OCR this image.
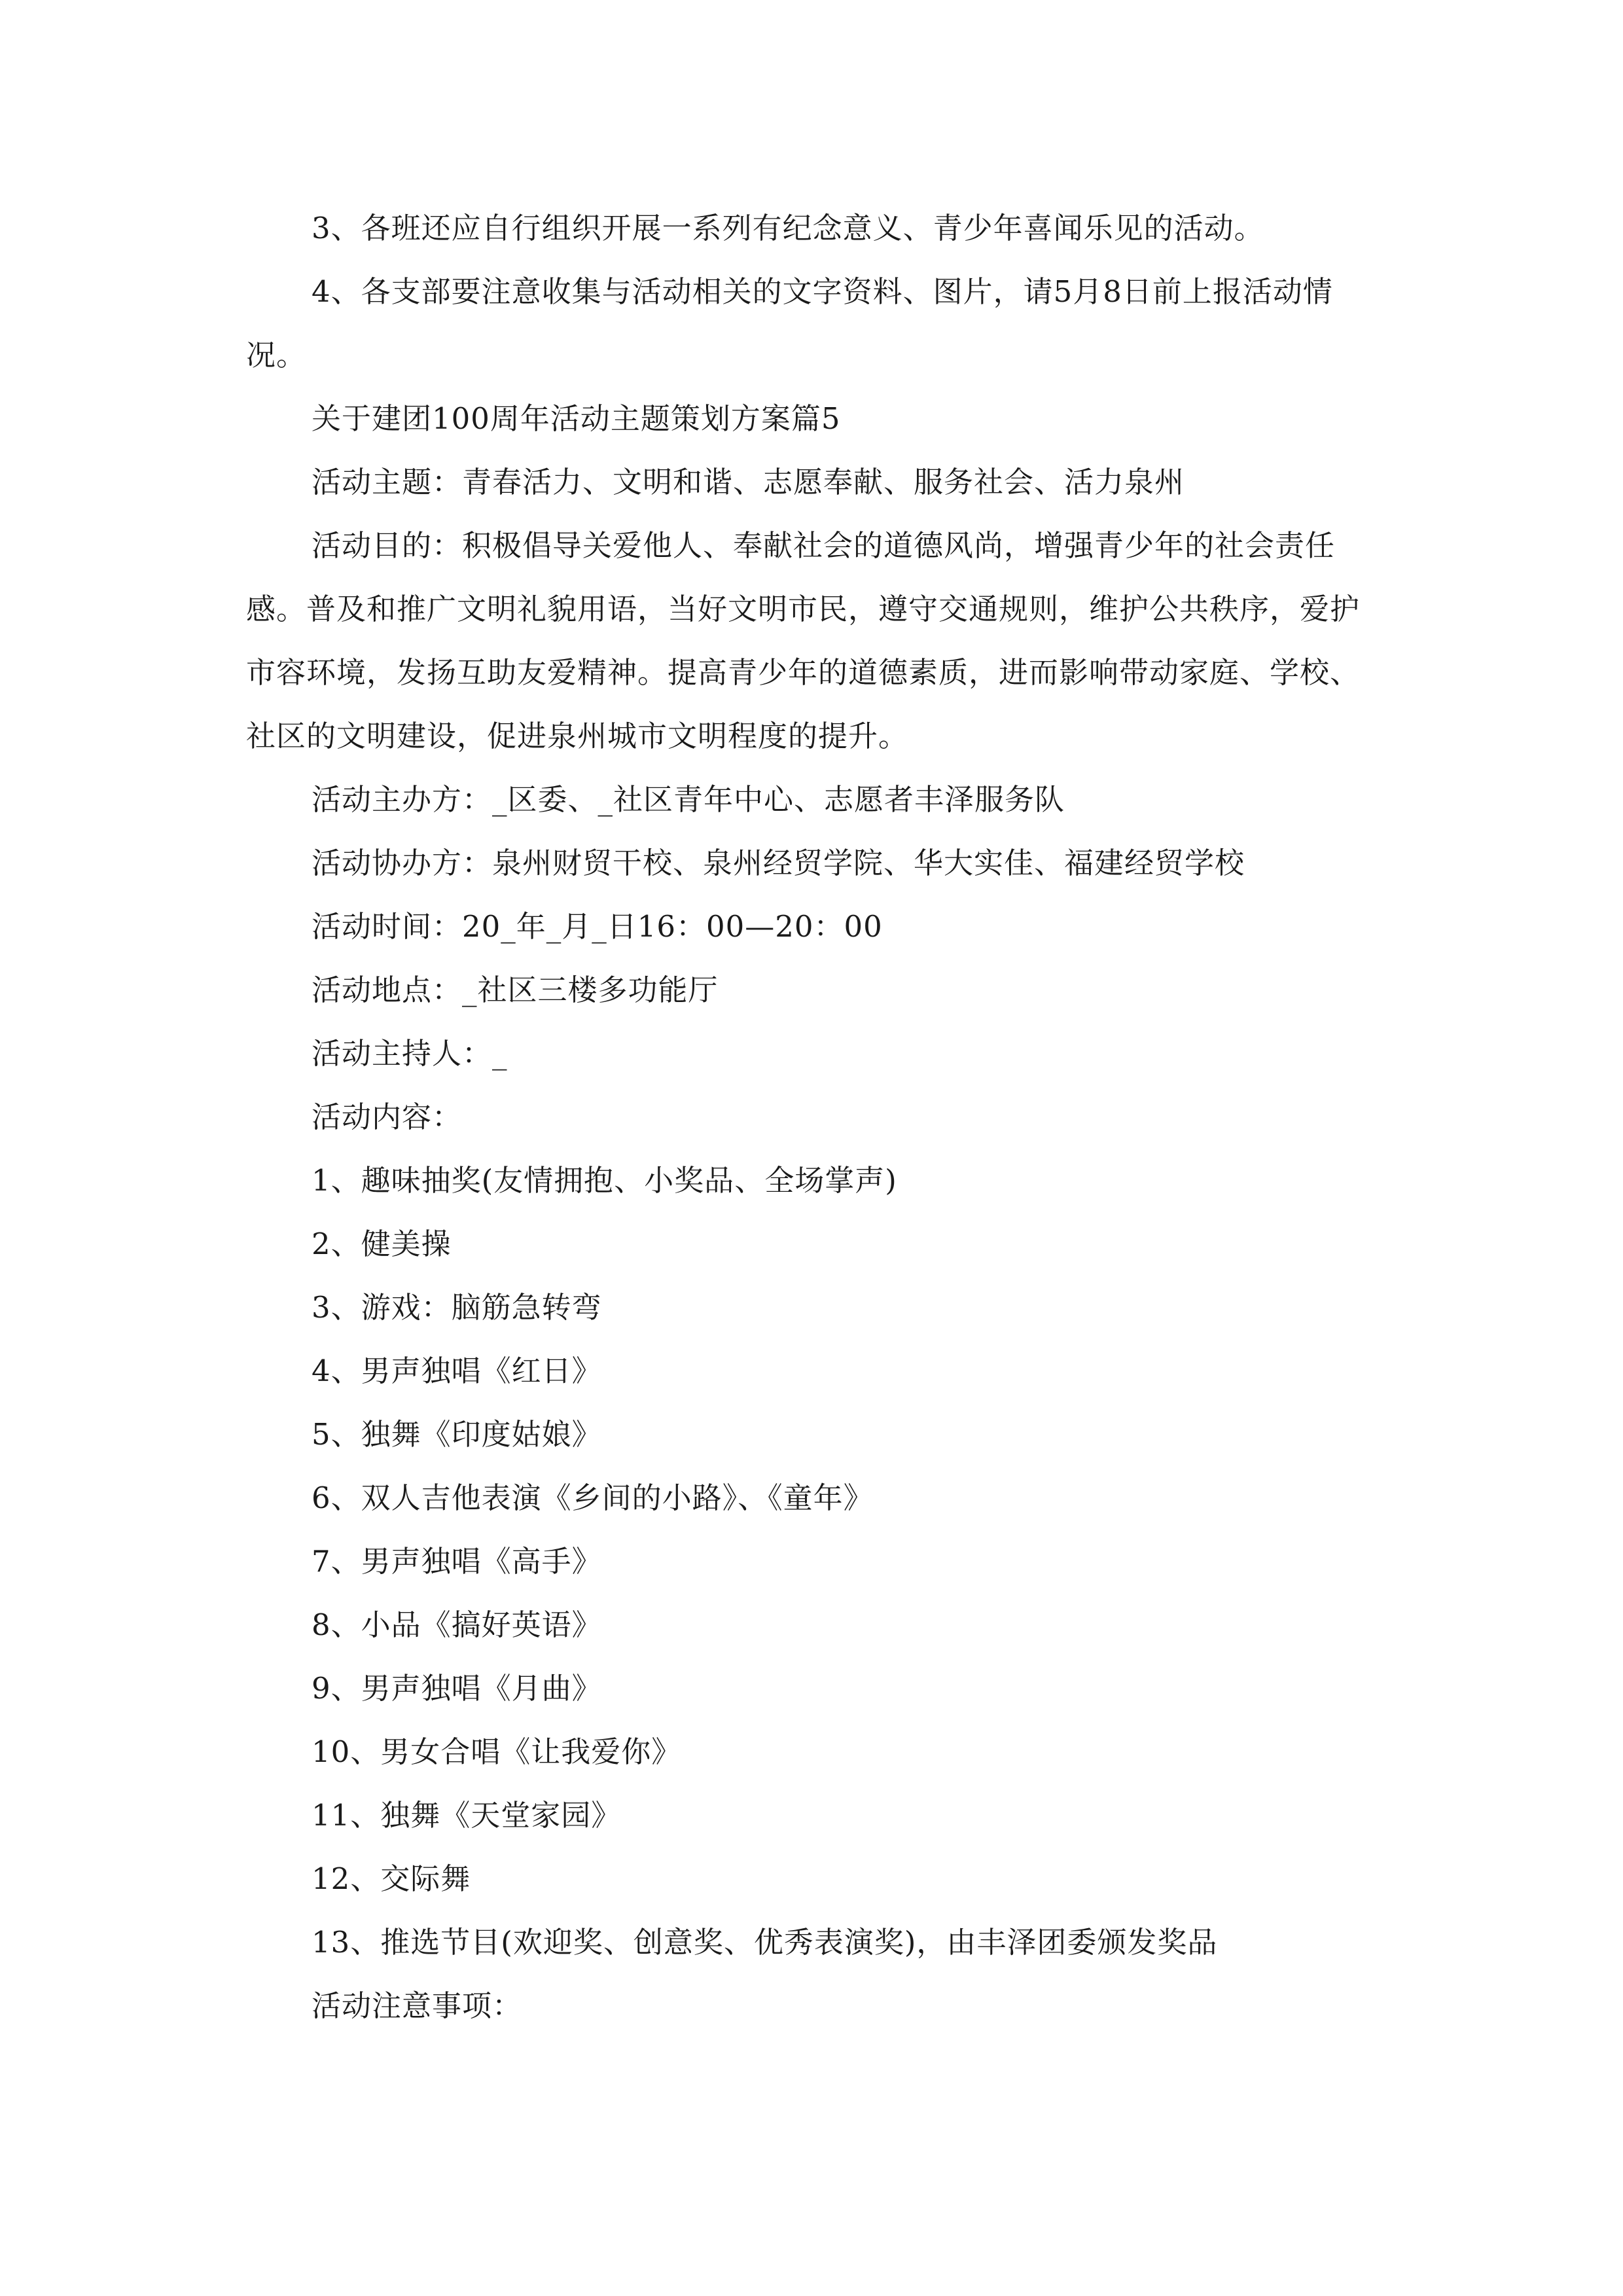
3、各班还应自行组织开展一系列有纪念意义、青少年喜闻乐见的活动。

4、各支部要注意收集与活动相关的文字资料、图片，请5月8日前上报活动情况。

关于建团100周年活动主题策划方案篇5

活动主题：青春活力、文明和谐、志愿奉献、服务社会、活力泉州

活动目的：积极倡导关爱他人、奉献社会的道德风尚，增强青少年的社会责任感。普及和推广文明礼貌用语，当好文明市民，遵守交通规则，维护公共秩序，爱护市容环境，发扬互助友爱精神。提高青少年的道德素质，进而影响带动家庭、学校、社区的文明建设，促进泉州城市文明程度的提升。

活动主办方：_区委、_社区青年中心、志愿者丰泽服务队

活动协办方：泉州财贸干校、泉州经贸学院、华大实佳、福建经贸学校

活动时间：20_年_月_日16：00—20：00

活动地点：_社区三楼多功能厅

活动主持人：_

活动内容：

1、趣味抽奖(友情拥抱、小奖品、全场掌声)

2、健美操

3、游戏：脑筋急转弯

4、男声独唱《红日》

5、独舞《印度姑娘》

6、双人吉他表演《乡间的小路》、《童年》

7、男声独唱《高手》

8、小品《搞好英语》

9、男声独唱《月曲》

10、男女合唱《让我爱你》

11、独舞《天堂家园》

12、交际舞

13、推选节目(欢迎奖、创意奖、优秀表演奖)，由丰泽团委颁发奖品

活动注意事项：
